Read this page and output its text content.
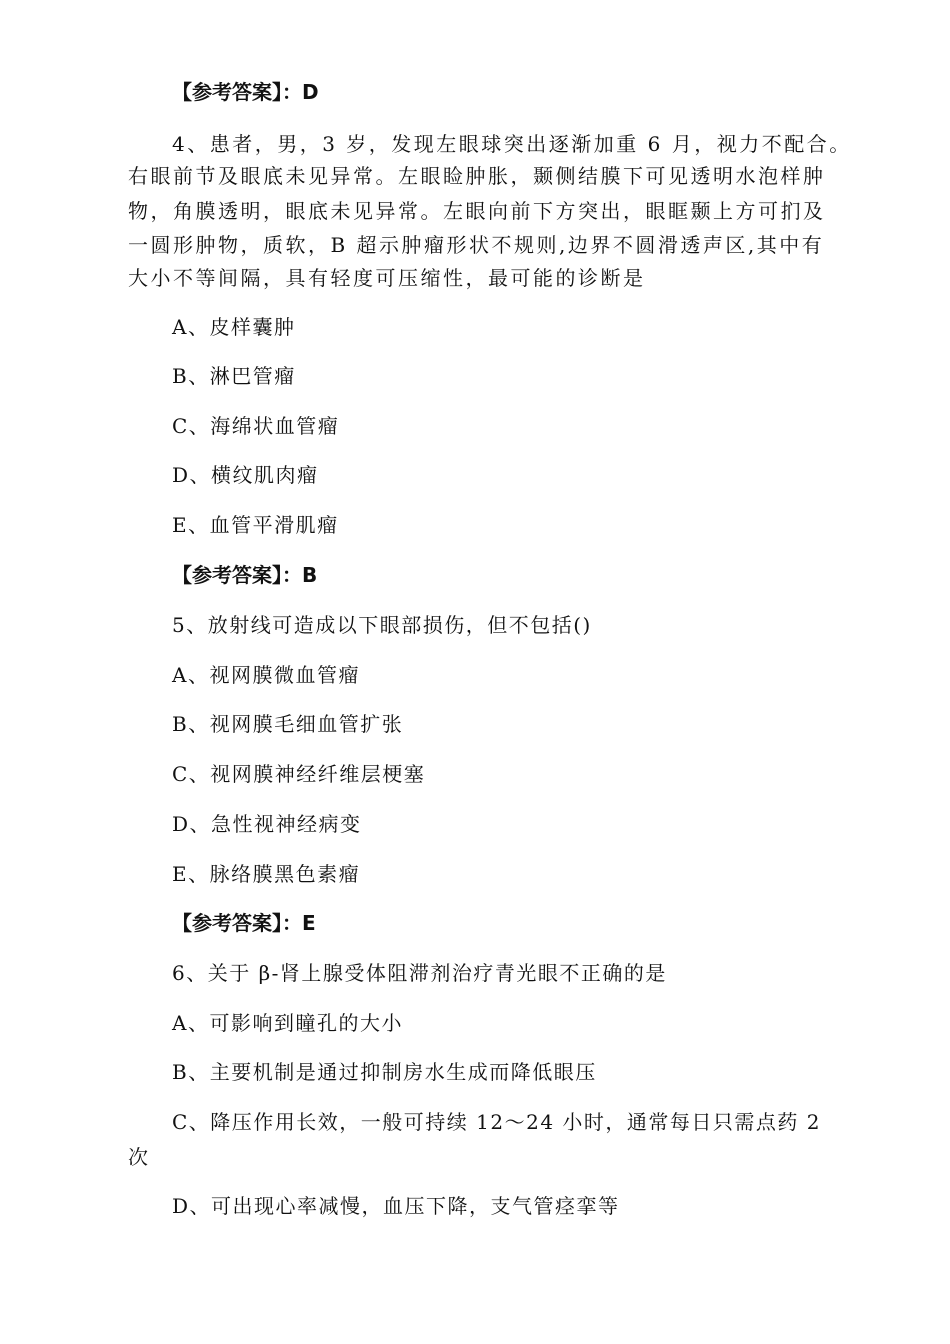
【参考答案】：D
4、患者，男，3 岁，发现左眼球突出逐渐加重 6 月，视力不配合。
右眼前节及眼底未见异常。左眼睑肿胀，颞侧结膜下可见透明水泡样肿
物，角膜透明，眼底未见异常。左眼向前下方突出，眼眶颞上方可扪及
一圆形肿物，质软，B 超示肿瘤形状不规则,边界不圆滑透声区,其中有
大小不等间隔，具有轻度可压缩性，最可能的诊断是
A、皮样囊肿
B、淋巴管瘤
C、海绵状血管瘤
D、横纹肌肉瘤
E、血管平滑肌瘤
【参考答案】：B
5、放射线可造成以下眼部损伤，但不包括()
A、视网膜微血管瘤
B、视网膜毛细血管扩张
C、视网膜神经纤维层梗塞
D、急性视神经病变
E、脉络膜黑色素瘤
【参考答案】：E
6、关于 β-肾上腺受体阻滞剂治疗青光眼不正确的是
A、可影响到瞳孔的大小
B、主要机制是通过抑制房水生成而降低眼压
C、降压作用长效，一般可持续 12～24 小时，通常每日只需点药 2
次
D、可出现心率减慢，血压下降，支气管痉挛等
